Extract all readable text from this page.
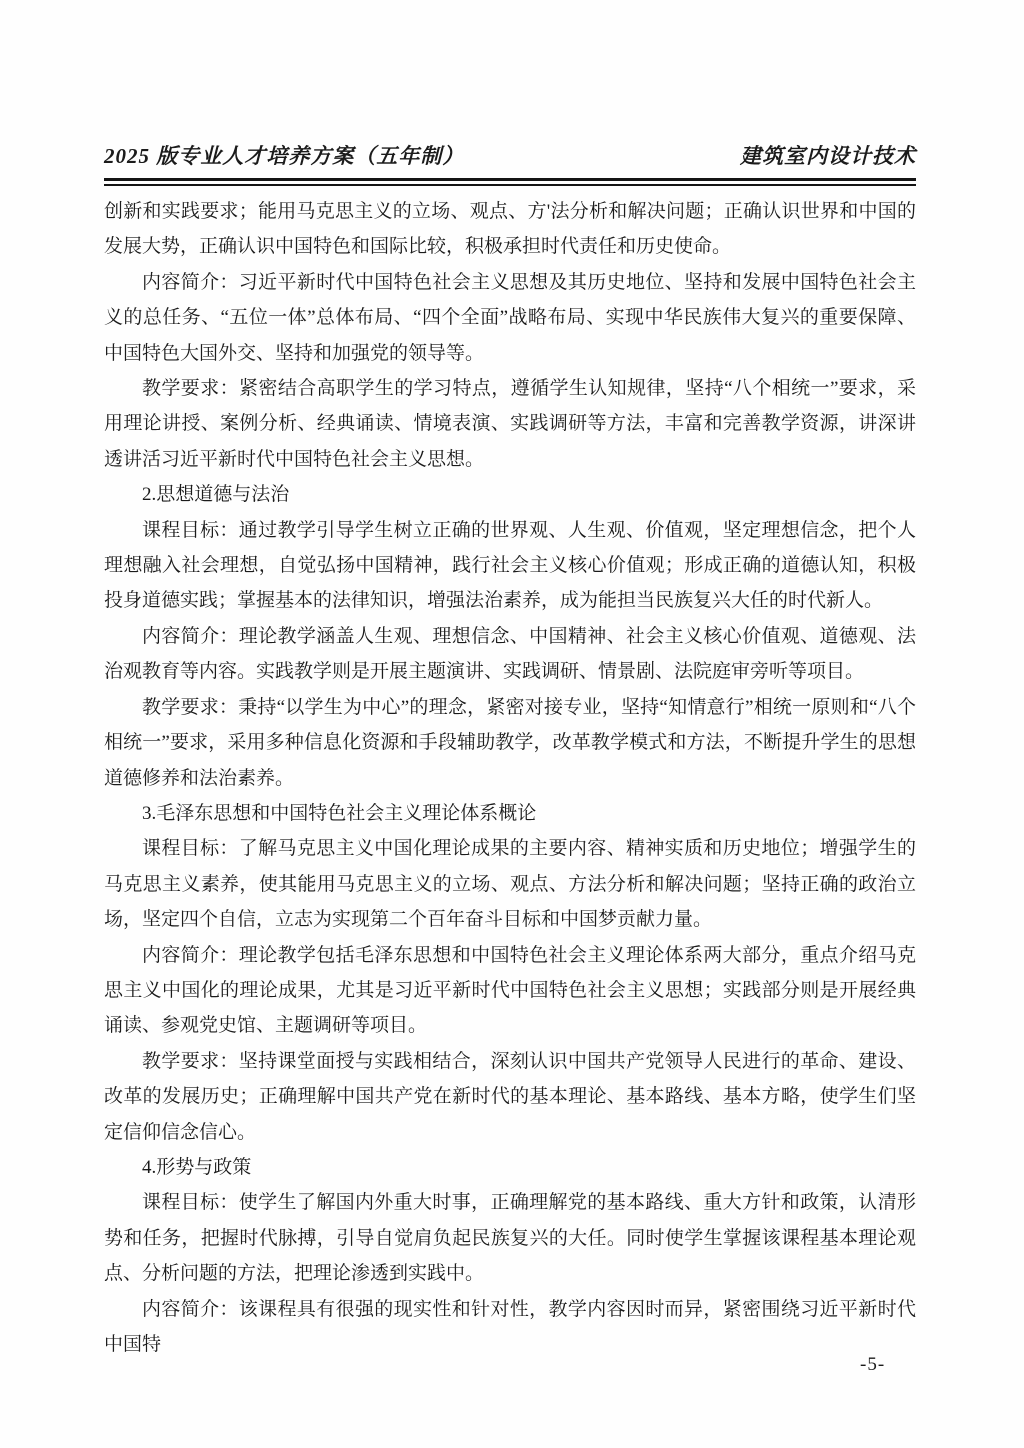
2025 版专业人才培养方案（五年制）	建筑室内设计技术

创新和实践要求；能用马克思主义的立场、观点、方'法分析和解决问题；正确认识世界和中国的发展大势，正确认识中国特色和国际比较，积极承担时代责任和历史使命。

内容简介：习近平新时代中国特色社会主义思想及其历史地位、坚持和发展中国特色社会主义的总任务、“五位一体”总体布局、“四个全面”战略布局、实现中华民族伟大复兴的重要保障、中国特色大国外交、坚持和加强党的领导等。

教学要求：紧密结合高职学生的学习特点，遵循学生认知规律，坚持“八个相统一”要求，采用理论讲授、案例分析、经典诵读、情境表演、实践调研等方法，丰富和完善教学资源，讲深讲透讲活习近平新时代中国特色社会主义思想。

2.思想道德与法治

课程目标：通过教学引导学生树立正确的世界观、人生观、价值观，坚定理想信念，把个人理想融入社会理想，自觉弘扬中国精神，践行社会主义核心价值观；形成正确的道德认知，积极投身道德实践；掌握基本的法律知识，增强法治素养，成为能担当民族复兴大任的时代新人。

内容简介：理论教学涵盖人生观、理想信念、中国精神、社会主义核心价值观、道德观、法治观教育等内容。实践教学则是开展主题演讲、实践调研、情景剧、法院庭审旁听等项目。

教学要求：秉持“以学生为中心”的理念，紧密对接专业，坚持“知情意行”相统一原则和“八个相统一”要求，采用多种信息化资源和手段辅助教学，改革教学模式和方法，不断提升学生的思想道德修养和法治素养。

3.毛泽东思想和中国特色社会主义理论体系概论

课程目标：了解马克思主义中国化理论成果的主要内容、精神实质和历史地位；增强学生的马克思主义素养，使其能用马克思主义的立场、观点、方法分析和解决问题；坚持正确的政治立场，坚定四个自信，立志为实现第二个百年奋斗目标和中国梦贡献力量。

内容简介：理论教学包括毛泽东思想和中国特色社会主义理论体系两大部分，重点介绍马克思主义中国化的理论成果，尤其是习近平新时代中国特色社会主义思想；实践部分则是开展经典诵读、参观党史馆、主题调研等项目。

教学要求：坚持课堂面授与实践相结合，深刻认识中国共产党领导人民进行的革命、建设、改革的发展历史；正确理解中国共产党在新时代的基本理论、基本路线、基本方略，使学生们坚定信仰信念信心。

4.形势与政策

课程目标：使学生了解国内外重大时事，正确理解党的基本路线、重大方针和政策，认清形势和任务，把握时代脉搏，引导自觉肩负起民族复兴的大任。同时使学生掌握该课程基本理论观点、分析问题的方法，把理论渗透到实践中。

内容简介：该课程具有很强的现实性和针对性，教学内容因时而异，紧密围绕习近平新时代中国特

-5-
